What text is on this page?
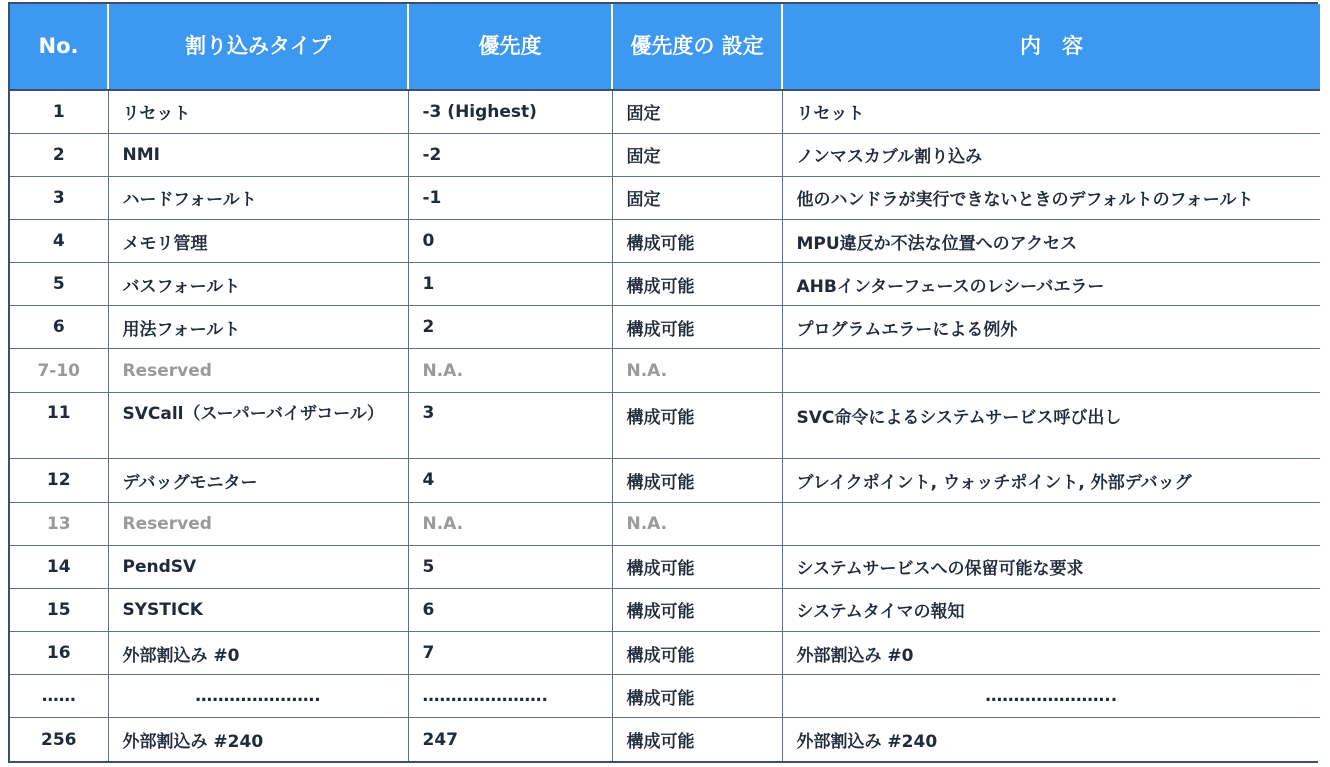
No.	割り込みタイプ	優先度	優先度の 設定	内　容
1	リセット	-3 (Highest)	固定	リセット
2	NMI	-2	固定	ノンマスカブル割り込み
3	ハードフォールト	-1	固定	他のハンドラが実行できないときのデフォルトのフォールト
4	メモリ管理	0	構成可能	MPU違反か不法な位置へのアクセス
5	バスフォールト	1	構成可能	AHBインターフェースのレシーバエラー
6	用法フォールト	2	構成可能	プログラムエラーによる例外
7-10	Reserved	N.A.	N.A.	
11	SVCall（スーパーバイザコール）	3	構成可能	SVC命令によるシステムサービス呼び出し
12	デバッグモニター	4	構成可能	ブレイクポイント, ウォッチポイント, 外部デバッグ
13	Reserved	N.A.	N.A.	
14	PendSV	5	構成可能	システムサービスへの保留可能な要求
15	SYSTICK	6	構成可能	システムタイマの報知
16	外部割込み #0	7	構成可能	外部割込み #0
……	………………….	………………….	構成可能	…………………..
256	外部割込み #240	247	構成可能	外部割込み #240
